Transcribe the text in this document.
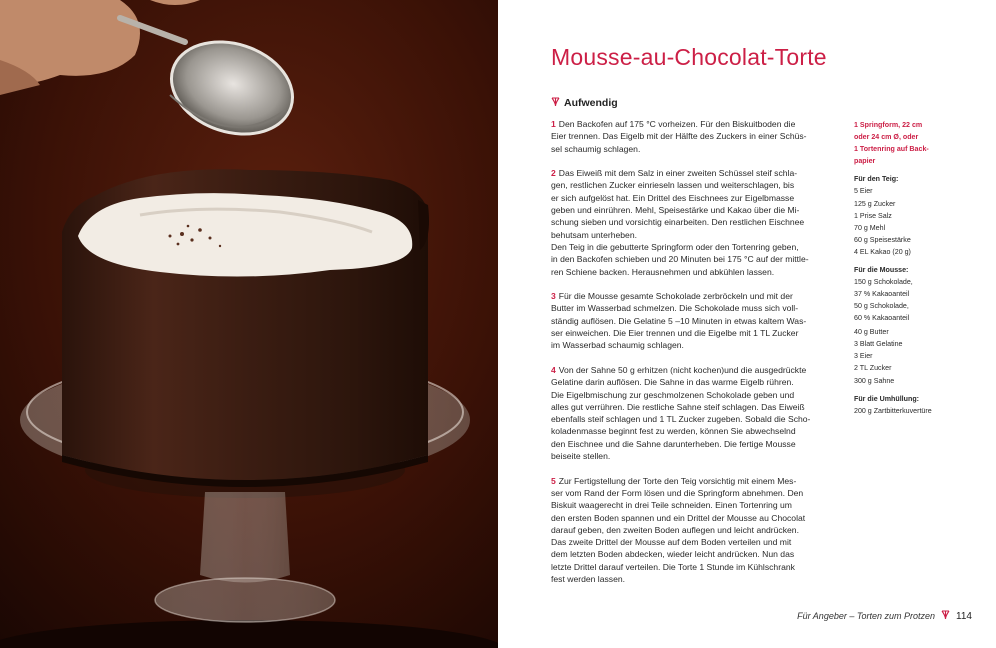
Mousse-au-Chocolat-Torte
Aufwendig
1 Den Backofen auf 175 °C vorheizen. Für den Biskuitboden die
Eier trennen. Das Eigelb mit der Hälfte des Zuckers in einer Schüs-
sel schaumig schlagen.
2 Das Eiweiß mit dem Salz in einer zweiten Schüssel steif schla-
gen, restlichen Zucker einrieseln lassen und weiterschlagen, bis
er sich aufgelöst hat. Ein Drittel des Eischnees zur Eigelbmasse
geben und einrühren. Mehl, Speisestärke und Kakao über die Mi-
schung sieben und vorsichtig einarbeiten. Den restlichen Eischnee
behutsam unterheben.
Den Teig in die gebutterte Springform oder den Tortenring geben,
in den Backofen schieben und 20 Minuten bei 175 °C auf der mittle-
ren Schiene backen. Herausnehmen und abkühlen lassen.
3 Für die Mousse gesamte Schokolade zerbröckeln und mit der
Butter im Wasserbad schmelzen. Die Schokolade muss sich voll-
ständig auflösen. Die Gelatine 5 –10 Minuten in etwas kaltem Was-
ser einweichen. Die Eier trennen und die Eigelbe mit 1 TL Zucker
im Wasserbad schaumig schlagen.
4 Von der Sahne 50 g erhitzen (nicht kochen)und die ausgedrückte
Gelatine darin auflösen. Die Sahne in das warme Eigelb rühren.
Die Eigelbmischung zur geschmolzenen Schokolade geben und
alles gut verrühren. Die restliche Sahne steif schlagen. Das Eiweiß
ebenfalls steif schlagen und 1 TL Zucker zugeben. Sobald die Scho-
koladenmasse beginnt fest zu werden, können Sie abwechselnd
den Eischnee und die Sahne darunterheben. Die fertige Mousse
beiseite stellen.
5 Zur Fertigstellung der Torte den Teig vorsichtig mit einem Mes-
ser vom Rand der Form lösen und die Springform abnehmen. Den
Biskuit waagerecht in drei Teile schneiden. Einen Tortenring um
den ersten Boden spannen und ein Drittel der Mousse au Chocolat
darauf geben, den zweiten Boden auflegen und leicht andrücken.
Das zweite Drittel der Mousse auf dem Boden verteilen und mit
dem letzten Boden abdecken, wieder leicht andrücken. Nun das
letzte Drittel darauf verteilen. Die Torte 1 Stunde im Kühlschrank
fest werden lassen.
1 Springform, 22 cm
oder 24 cm Ø, oder
1 Tortenring auf Back-
papier
Für den Teig:
5 Eier
125 g Zucker
1 Prise Salz
70 g Mehl
60 g Speisestärke
4 EL Kakao (20 g)
Für die Mousse:
150 g Schokolade,
37 % Kakaoanteil
50 g Schokolade,
60 % Kakaoanteil
40 g Butter
3 Blatt Gelatine
3 Eier
2 TL Zucker
300 g Sahne
Für die Umhüllung:
200 g Zartbitterkuvertüre
Für Angeber – Torten zum Protzen 114
